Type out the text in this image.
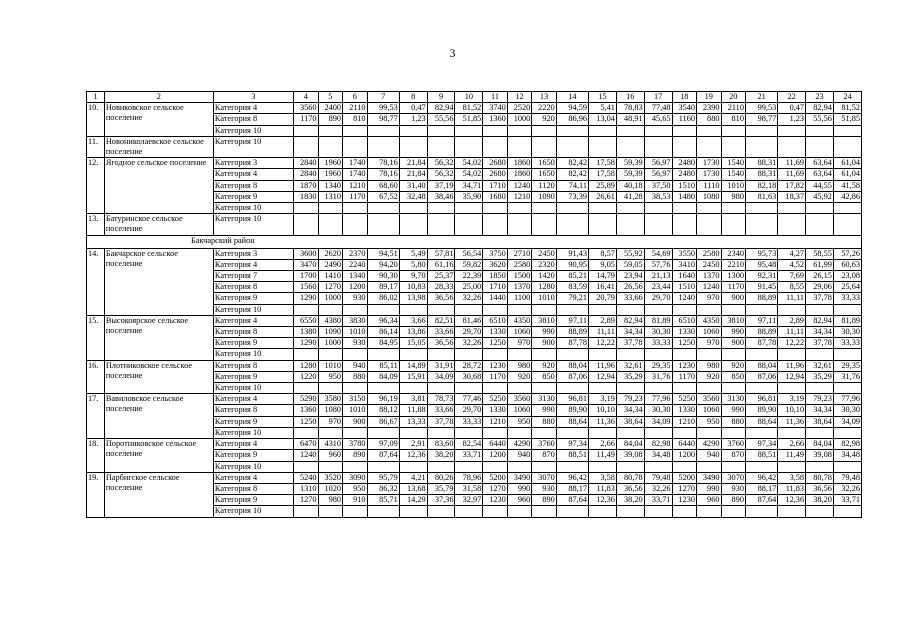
3
1	2	3	4	5	6	7	8	9	10	11	12	13	14	15	16	17	18	19	20	21	22	23	24
10.	Новиковское сельское поселение	Категория 4	3560	2400	2110	99,53	0,47	82,94	81,52	3740	2520	2220	94,59	5,41	78,83	77,48	3540	2390	2110	99,53	0,47	82,94	81,52
		Категория 8	1170	890	810	98,77	1,23	55,56	51,85	1360	1000	920	86,96	13,04	48,91	45,65	1160	880	810	98,77	1,23	55,56	51,85
		Категория 10																					
11.	Новониколаевское сельское поселение	Категория 10																					
12.	Ягодное сельское поселение	Категория 3	2840	1960	1740	78,16	21,84	56,32	54,02	2680	1860	1650	82,42	17,58	59,39	56,97	2480	1730	1540	88,31	11,69	63,64	61,04
		Категория 4	2840	1960	1740	78,16	21,84	56,32	54,02	2680	1860	1650	82,42	17,58	59,39	56,97	2480	1730	1540	88,31	11,69	63,64	61,04
		Категория 8	1870	1340	1210	68,60	31,40	37,19	34,71	1710	1240	1120	74,11	25,89	40,18	37,50	1510	1110	1010	82,18	17,82	44,55	41,58
		Категория 9	1830	1310	1170	67,52	32,48	38,46	35,90	1680	1210	1090	73,39	26,61	41,28	38,53	1480	1080	980	81,63	18,37	45,92	42,86
		Категория 10																					
13.	Батуринское сельское поселение	Категория 10																					
Бакчарский район																							
14.	Бакчарское сельское поселение	Категория 3	3600	2620	2370	94,51	5,49	57,81	56,54	3750	2710	2450	91,43	8,57	55,92	54,69	3550	2580	2340	95,73	4,27	58,55	57,26
		Категория 4	3470	2490	2240	94,20	5,80	61,16	59,82	3620	2580	2320	90,95	9,05	59,05	57,76	3410	2450	2210	95,48	4,52	61,99	60,63
		Категория 7	1700	1410	1340	90,30	9,70	25,37	22,39	1850	1500	1420	85,21	14,79	23,94	21,13	1640	1370	1300	92,31	7,69	26,15	23,08
		Категория 8	1560	1270	1200	89,17	10,83	28,33	25,00	1710	1370	1280	83,59	16,41	26,56	23,44	1510	1240	1170	91,45	8,55	29,06	25,64
		Категория 9	1290	1000	930	86,02	13,98	36,56	32,26	1440	1100	1010	79,21	20,79	33,66	29,70	1240	970	900	88,89	11,11	37,78	33,33
		Категория 10																					
15.	Высокоярское сельское поселение	Категория 4	6550	4380	3830	96,34	3,66	82,51	81,46	6510	4350	3810	97,11	2,89	82,94	81,89	6510	4350	3810	97,11	2,89	82,94	81,89
		Категория 8	1380	1090	1010	86,14	13,86	33,66	29,70	1330	1060	990	88,89	11,11	34,34	30,30	1330	1060	990	88,89	11,11	34,34	30,30
		Категория 9	1290	1000	930	84,95	15,05	36,56	32,26	1250	970	900	87,78	12,22	37,78	33,33	1250	970	900	87,78	12,22	37,78	33,33
		Категория 10																					
16.	Плотниковское сельское поселение	Категория 8	1280	1010	940	85,11	14,89	31,91	28,72	1230	980	920	88,04	11,96	32,61	29,35	1230	980	920	88,04	11,96	32,61	29,35
		Категория 9	1220	950	880	84,09	15,91	34,09	30,68	1170	920	850	87,06	12,94	35,29	31,76	1170	920	850	87,06	12,94	35,29	31,76
		Категория 10																					
17.	Вавиловское сельское поселение	Категория 4	5290	3580	3150	96,19	3,81	78,73	77,46	5250	3560	3130	96,81	3,19	79,23	77,96	5250	3560	3130	96,81	3,19	79,23	77,96
		Категория 8	1360	1080	1010	88,12	11,88	33,66	29,70	1330	1060	990	89,90	10,10	34,34	30,30	1330	1060	990	89,90	10,10	34,34	30,30
		Категория 9	1250	970	900	86,67	13,33	37,78	33,33	1210	950	880	88,64	11,36	38,64	34,09	1210	950	880	88,64	11,36	38,64	34,09
		Категория 10																					
18.	Поротниковское сельское поселение	Категория 4	6470	4310	3780	97,09	2,91	83,60	82,54	6440	4290	3760	97,34	2,66	84,04	82,98	6440	4290	3760	97,34	2,66	84,04	82,98
		Категория 9	1240	960	890	87,64	12,36	38,20	33,71	1200	940	870	88,51	11,49	39,08	34,48	1200	940	870	88,51	11,49	39,08	34,48
		Категория 10																					
19.	Парбигское сельское поселение	Категория 4	5240	3520	3090	95,79	4,21	80,26	78,96	5200	3490	3070	96,42	3,58	80,78	79,48	5200	3490	3070	96,42	3,58	80,78	79,48
		Категория 8	1310	1020	950	86,32	13,68	35,79	31,58	1270	990	930	88,17	11,83	36,56	32,26	1270	990	930	88,17	11,83	36,56	32,26
		Категория 9	1270	980	910	85,71	14,29	37,36	32,97	1230	960	890	87,64	12,36	38,20	33,71	1230	960	890	87,64	12,36	38,20	33,71
		Категория 10																					
